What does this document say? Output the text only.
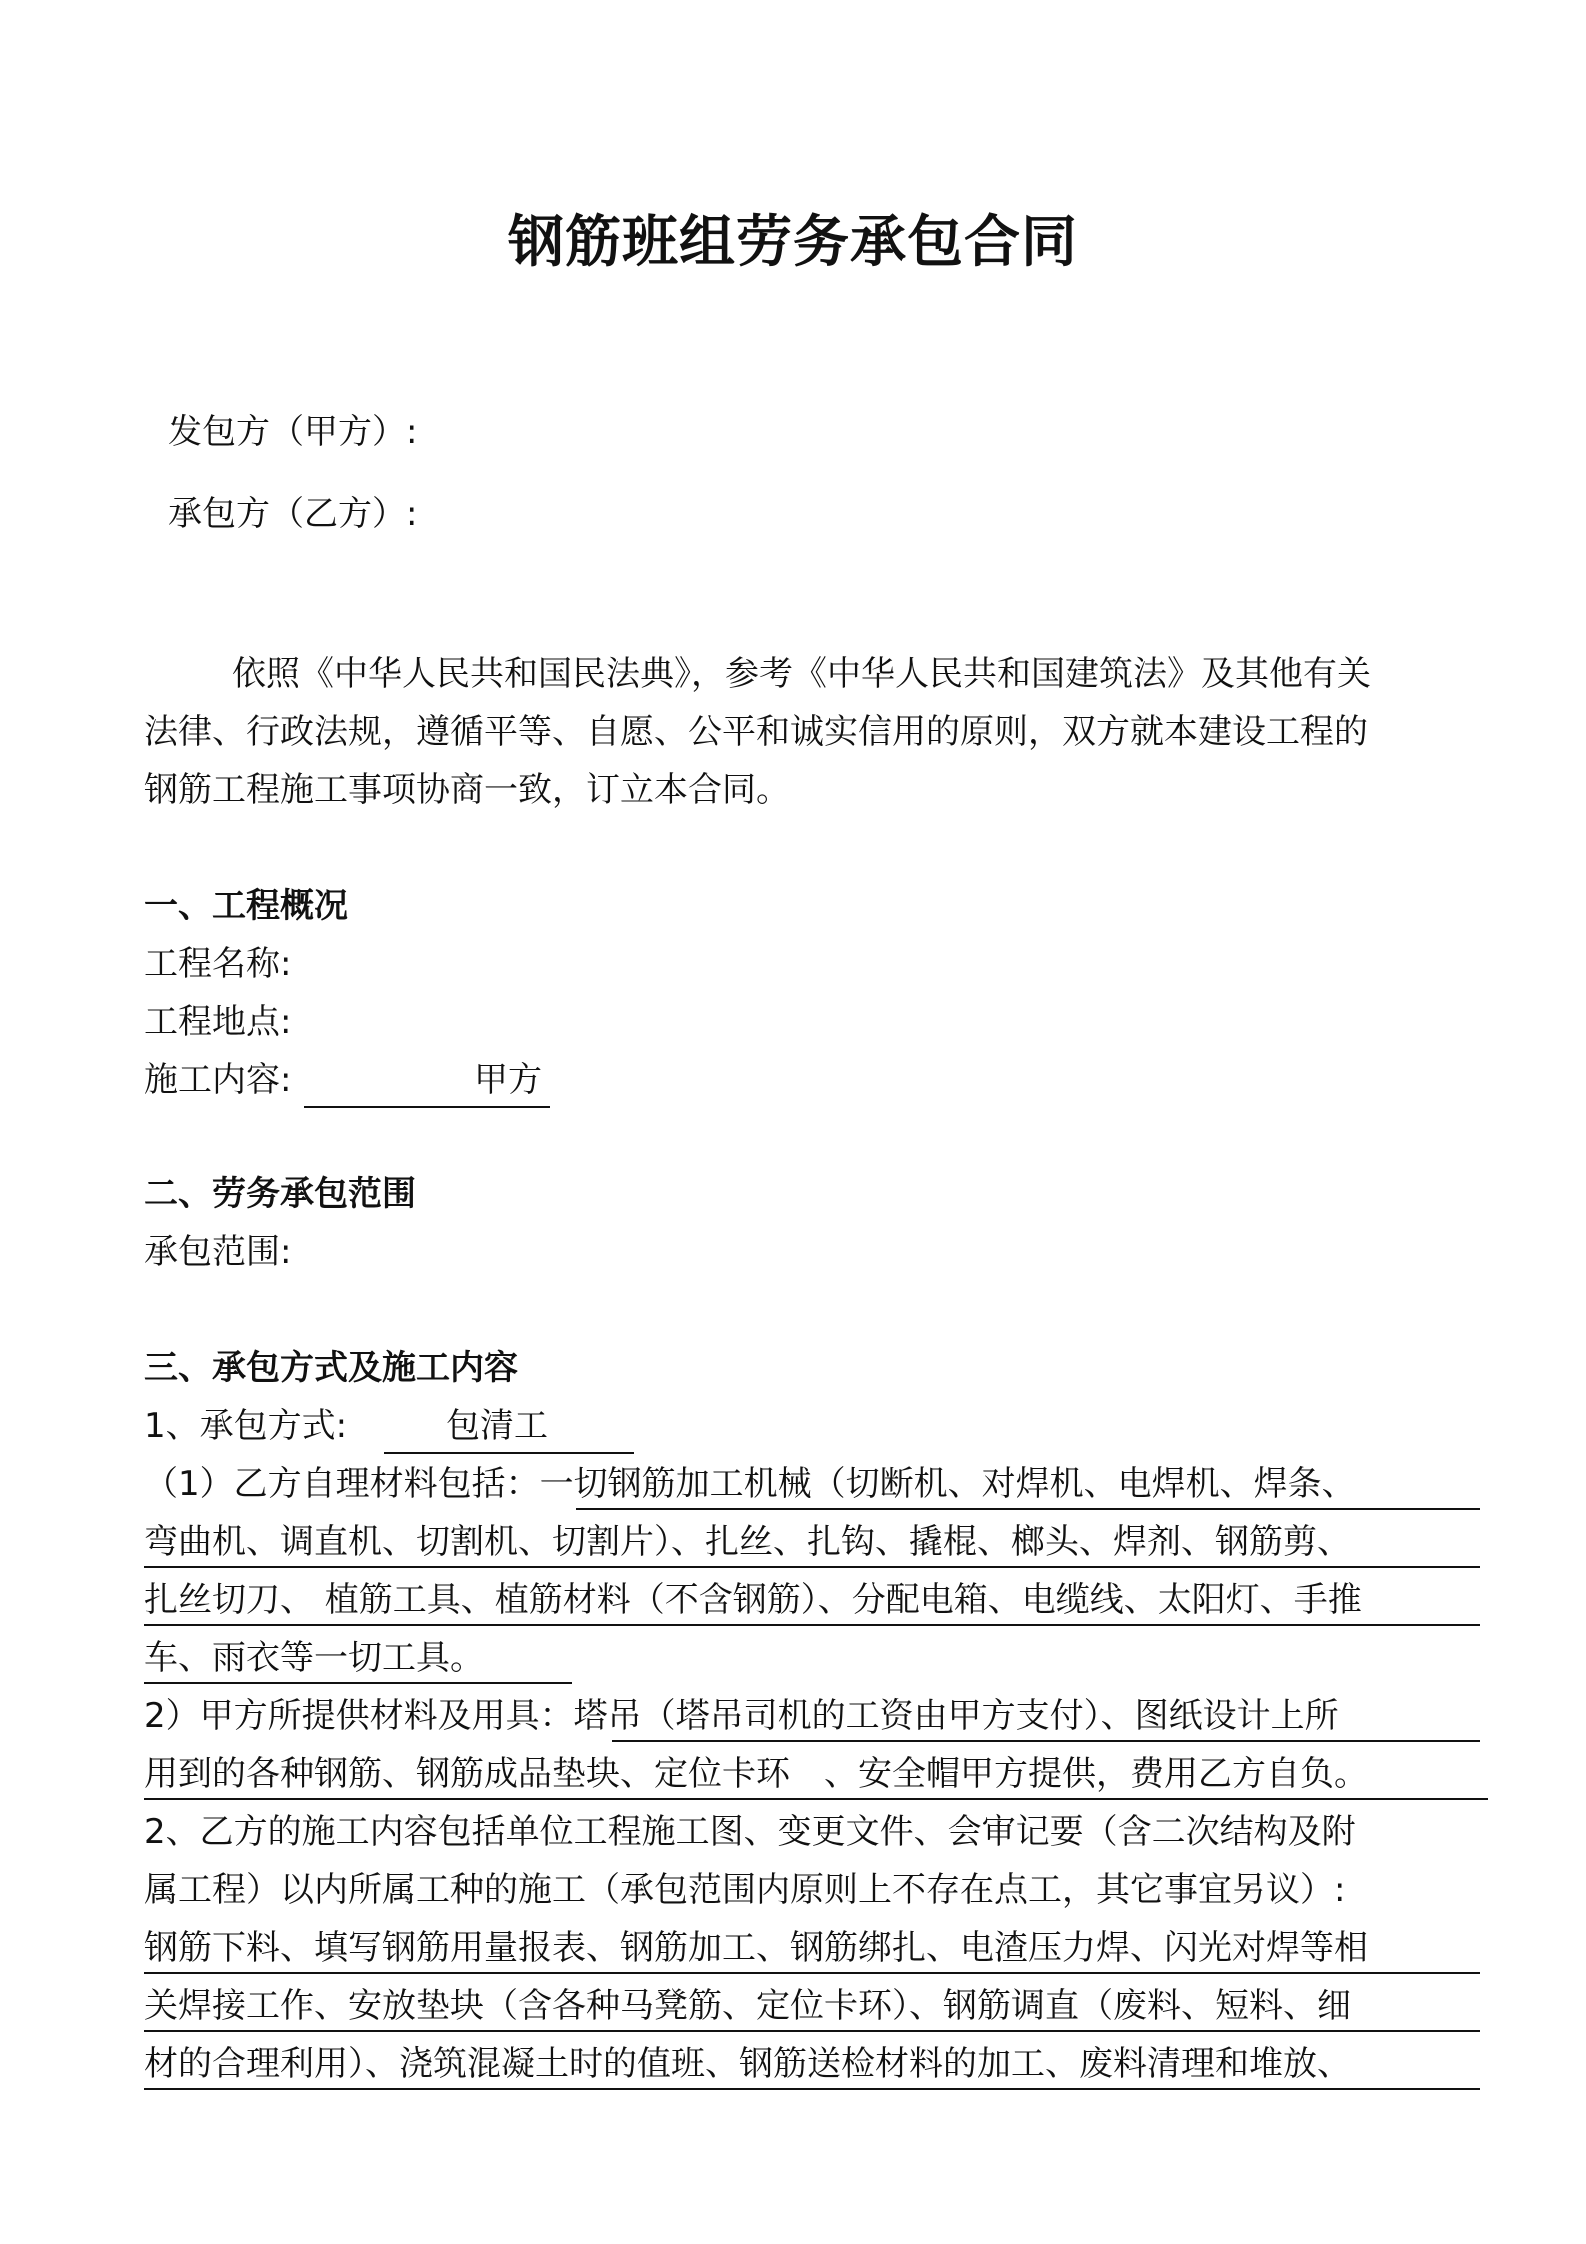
钢筋班组劳务承包合同
发包方（甲方）:
承包方（乙方）:
依照《中华人民共和国民法典》，参考《中华人民共和国建筑法》及其他有关
法律、行政法规，遵循平等、自愿、公平和诚实信用的原则，双方就本建设工程的
钢筋工程施工事项协商一致，订立本合同。
一、工程概况
工程名称:
工程地点:
施工内容:	甲方
二、劳务承包范围
承包范围:
三、承包方式及施工内容
1、承包方式:	包清工
（1）乙方自理材料包括：一切钢筋加工机械（切断机、对焊机、电焊机、焊条、
弯曲机、调直机、切割机、切割片）、扎丝、扎钩、撬棍、榔头、焊剂、钢筋剪、
扎丝切刀、 植筋工具、植筋材料（不含钢筋）、分配电箱、电缆线、太阳灯、手推
车、雨衣等一切工具。
2）甲方所提供材料及用具：塔吊（塔吊司机的工资由甲方支付）、图纸设计上所
用到的各种钢筋、钢筋成品垫块、定位卡环　、安全帽甲方提供，费用乙方自负。
2、乙方的施工内容包括单位工程施工图、变更文件、会审记要（含二次结构及附
属工程）以内所属工种的施工（承包范围内原则上不存在点工，其它事宜另议）:
钢筋下料、填写钢筋用量报表、钢筋加工、钢筋绑扎、电渣压力焊、闪光对焊等相
关焊接工作、安放垫块（含各种马凳筋、定位卡环）、钢筋调直（废料、短料、细
材的合理利用）、浇筑混凝土时的值班、钢筋送检材料的加工、废料清理和堆放、
